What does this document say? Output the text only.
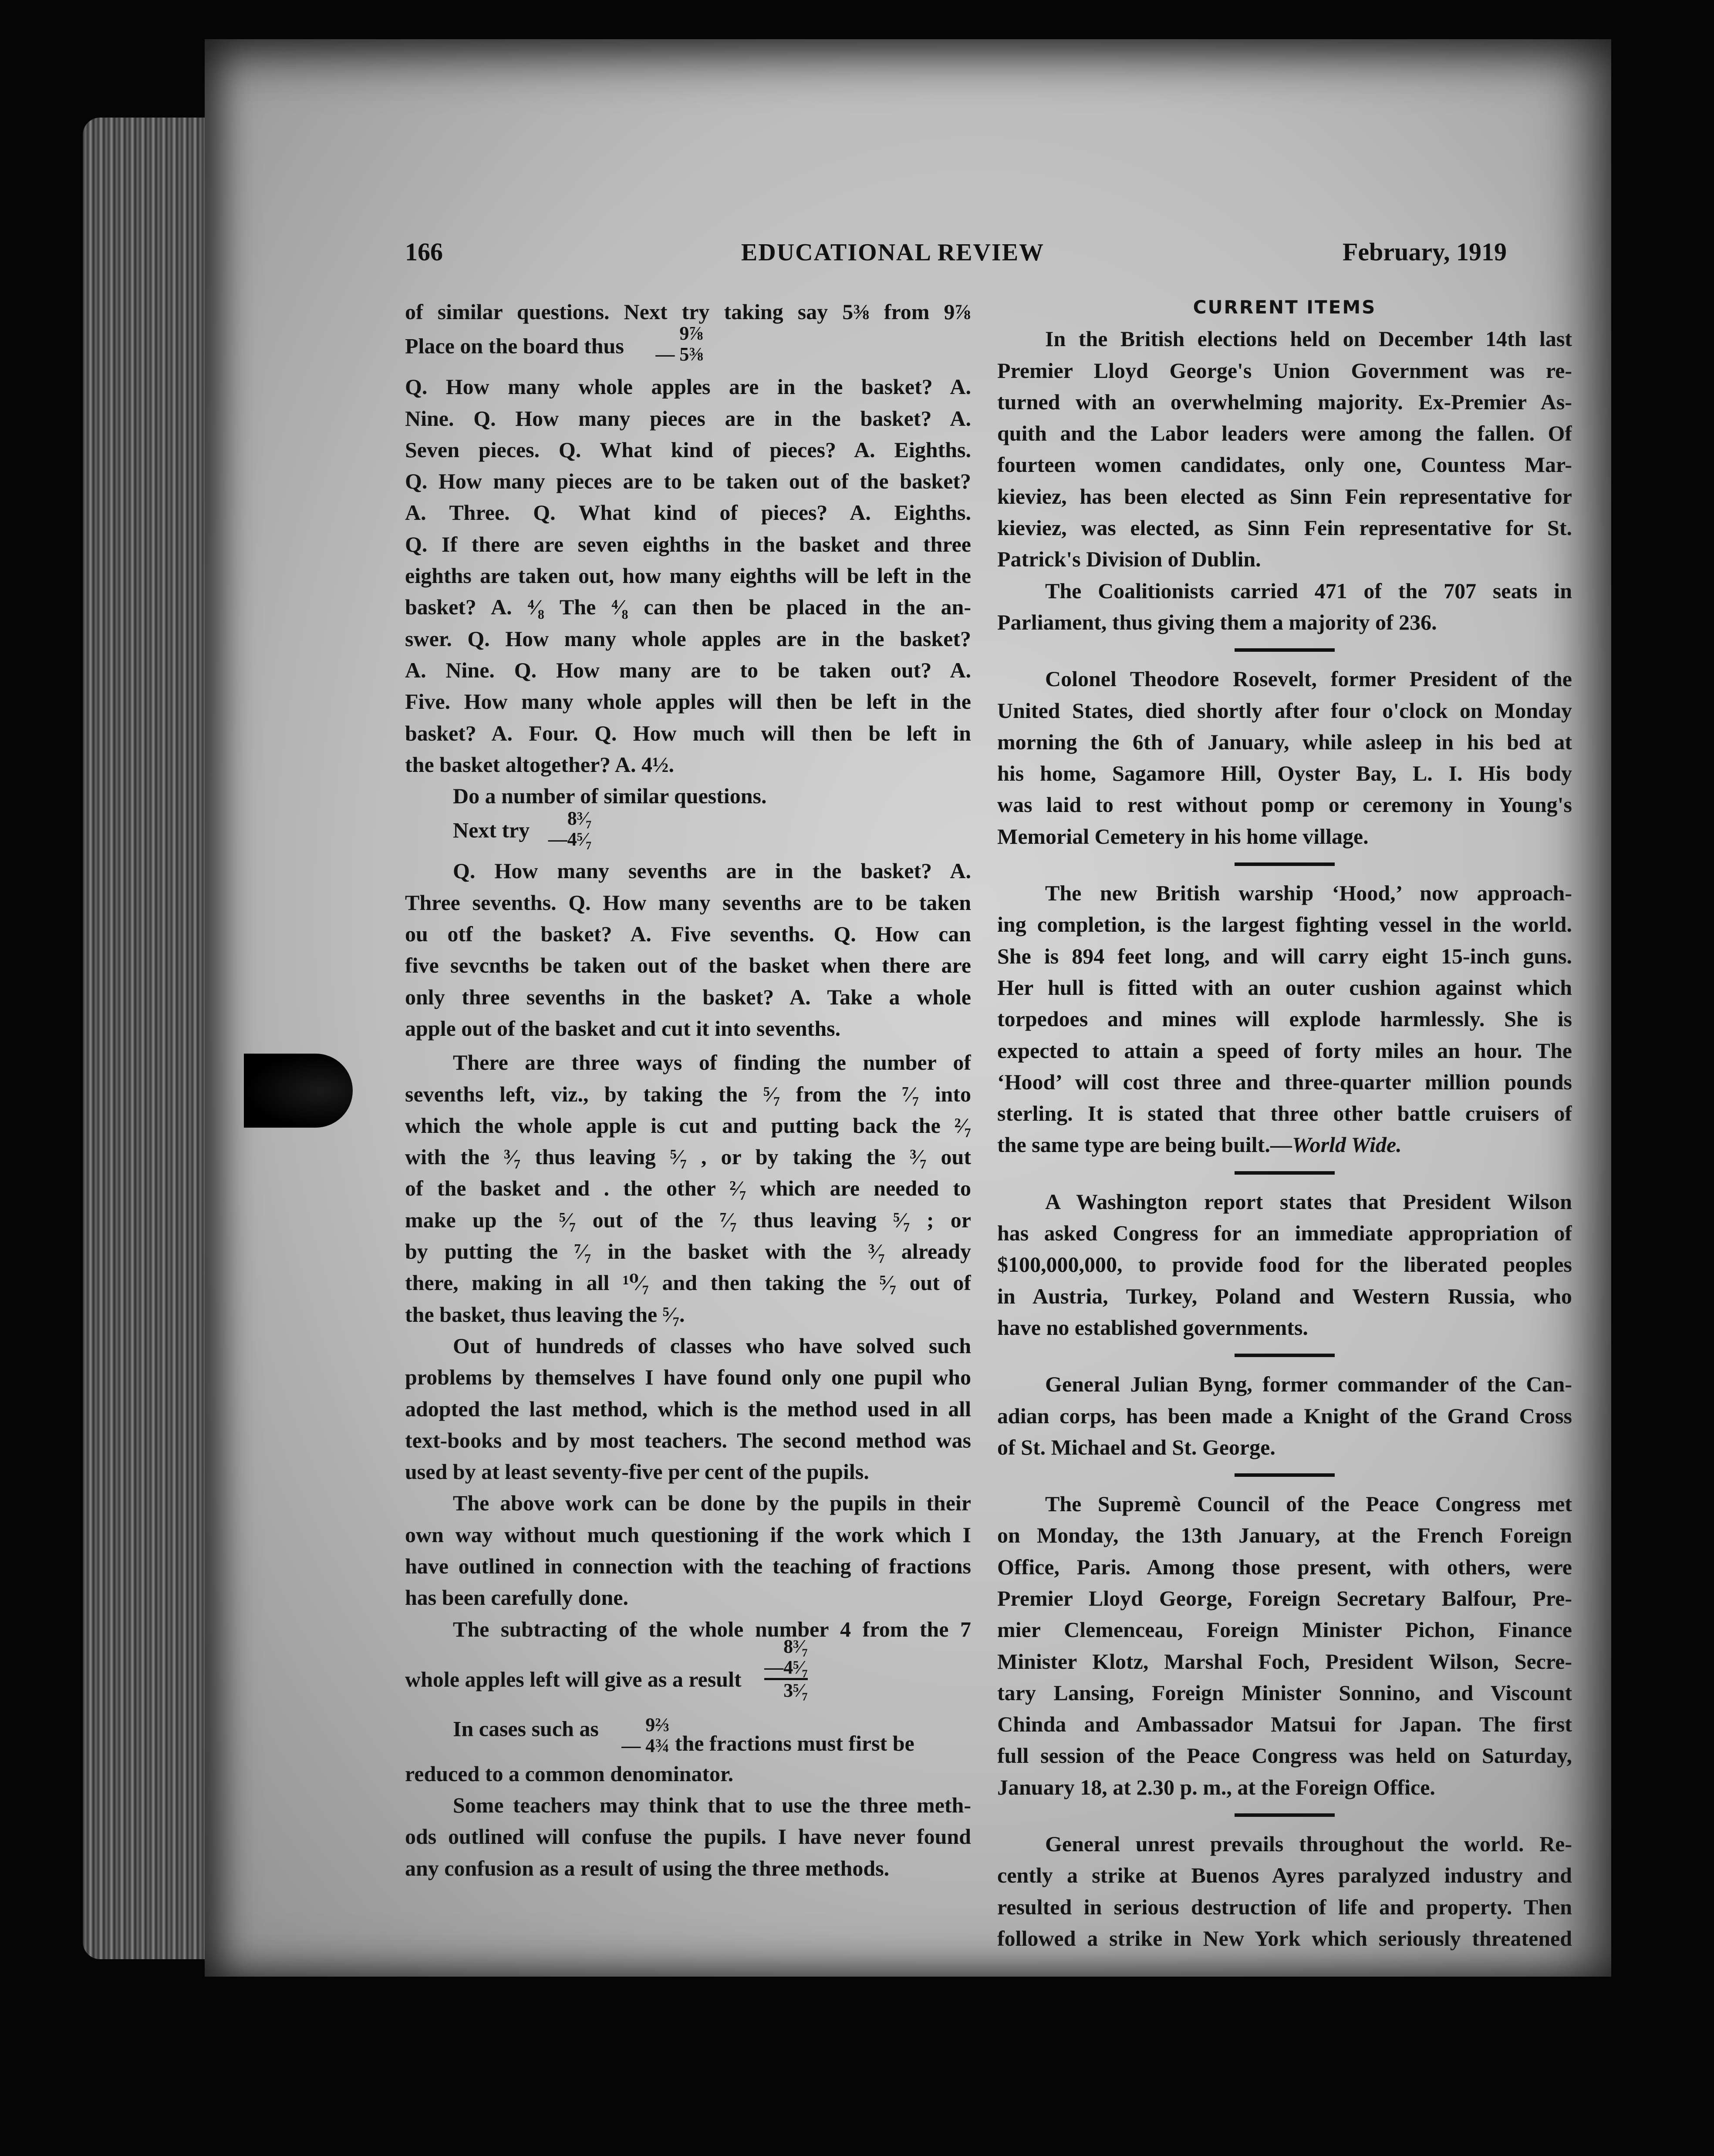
166	EDUCATIONAL REVIEW	February, 1919
of similar questions. Next try taking say 5⅜ from 9⅞
Place on the board thus
9⅞
— 5⅜
Q. How many whole apples are in the basket? A.
Nine. Q. How many pieces are in the basket? A.
Seven pieces. Q. What kind of pieces? A. Eighths.
Q. How many pieces are to be taken out of the basket?
A. Three. Q. What kind of pieces? A. Eighths.
Q. If there are seven eighths in the basket and three
eighths are taken out, how many eighths will be left in the
basket? A. ⁴⁄₈ The ⁴⁄₈ can then be placed in the an-
swer. Q. How many whole apples are in the basket?
A. Nine. Q. How many are to be taken out? A.
Five. How many whole apples will then be left in the
basket? A. Four. Q. How much will then be left in
the basket altogether? A. 4½.
Do a number of similar questions.
Next try	8³⁄₇
—4⁵⁄₇
Q. How many sevenths are in the basket? A.
Three sevenths. Q. How many sevenths are to be taken
ou otf the basket? A. Five sevenths. Q. How can
five sevcnths be taken out of the basket when there are
only three sevenths in the basket? A. Take a whole
apple out of the basket and cut it into sevenths.
There are three ways of finding the number of
sevenths left, viz., by taking the ⁵⁄₇ from the ⁷⁄₇ into
which the whole apple is cut and putting back the ²⁄₇
with the ³⁄₇ thus leaving ⁵⁄₇ , or by taking the ³⁄₇ out
of the basket and . the other ²⁄₇ which are needed to
make up the ⁵⁄₇ out of the ⁷⁄₇ thus leaving ⁵⁄₇ ; or
by putting the ⁷⁄₇ in the basket with the ³⁄₇ already
there, making in all ¹⁰⁄₇ and then taking the ⁵⁄₇ out of
the basket, thus leaving the ⁵⁄₇.
Out of hundreds of classes who have solved such
problems by themselves I have found only one pupil who
adopted the last method, which is the method used in all
text-books and by most teachers. The second method was
used by at least seventy-five per cent of the pupils.
The above work can be done by the pupils in their
own way without much questioning if the work which I
have outlined in connection with the teaching of fractions
has been carefully done.
The subtracting of the whole number 4 from the 7
whole apples left will give as a result
8³⁄₇
—4⁵⁄₇
3⁵⁄₇
In cases such as	9⅔
— 4¾ the fractions must first be
reduced to a common denominator.
Some teachers may think that to use the three meth-
ods outlined will confuse the pupils. I have never found
any confusion as a result of using the three methods.
CURRENT ITEMS
In the British elections held on December 14th last
Premier Lloyd George's Union Government was re-
turned with an overwhelming majority. Ex-Premier As-
quith and the Labor leaders were among the fallen. Of
fourteen women candidates, only one, Countess Mar-
kieviez, has been elected as Sinn Fein representative for
kieviez, was elected, as Sinn Fein representative for St.
Patrick's Division of Dublin.
The Coalitionists carried 471 of the 707 seats in
Parliament, thus giving them a majority of 236.
Colonel Theodore Rosevelt, former President of the
United States, died shortly after four o'clock on Monday
morning the 6th of January, while asleep in his bed at
his home, Sagamore Hill, Oyster Bay, L. I. His body
was laid to rest without pomp or ceremony in Young's
Memorial Cemetery in his home village.
The new British warship ‘Hood,’ now approach-
ing completion, is the largest fighting vessel in the world.
She is 894 feet long, and will carry eight 15-inch guns.
Her hull is fitted with an outer cushion against which
torpedoes and mines will explode harmlessly. She is
expected to attain a speed of forty miles an hour. The
‘Hood’ will cost three and three-quarter million pounds
sterling. It is stated that three other battle cruisers of
the same type are being built.—World Wide.
A Washington report states that President Wilson
has asked Congress for an immediate appropriation of
$100,000,000, to provide food for the liberated peoples
in Austria, Turkey, Poland and Western Russia, who
have no established governments.
General Julian Byng, former commander of the Can-
adian corps, has been made a Knight of the Grand Cross
of St. Michael and St. George.
The Supremè Council of the Peace Congress met
on Monday, the 13th January, at the French Foreign
Office, Paris. Among those present, with others, were
Premier Lloyd George, Foreign Secretary Balfour, Pre-
mier Clemenceau, Foreign Minister Pichon, Finance
Minister Klotz, Marshal Foch, President Wilson, Secre-
tary Lansing, Foreign Minister Sonnino, and Viscount
Chinda and Ambassador Matsui for Japan. The first
full session of the Peace Congress was held on Saturday,
January 18, at 2.30 p. m., at the Foreign Office.
General unrest prevails throughout the world. Re-
cently a strike at Buenos Ayres paralyzed industry and
resulted in serious destruction of life and property. Then
followed a strike in New York which seriously threatened
